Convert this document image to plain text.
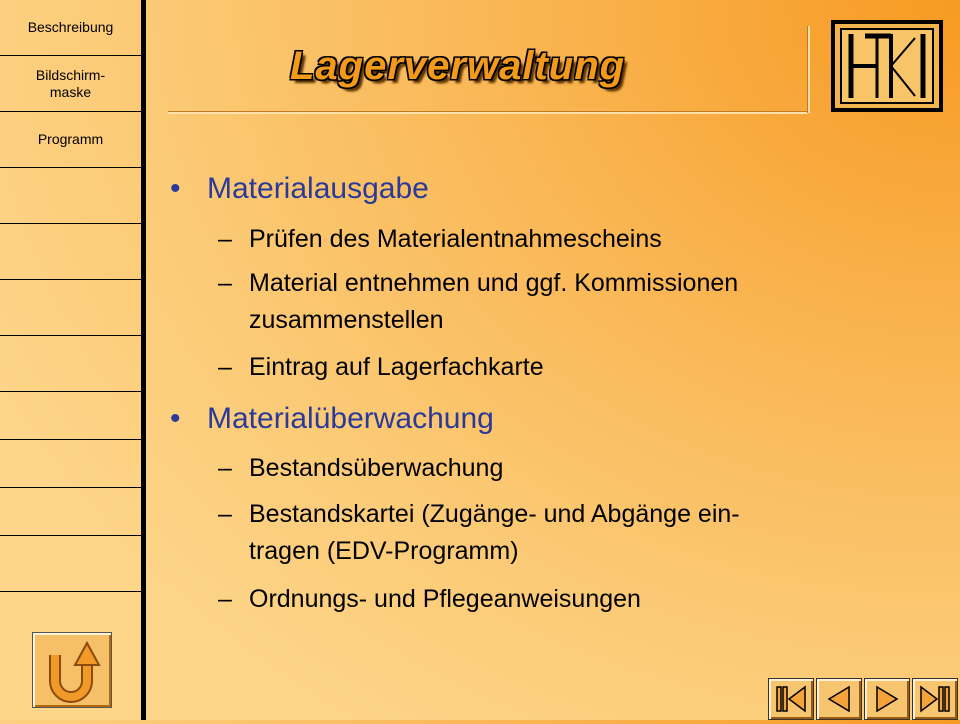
Beschreibung
Bildschirm-
maske
Programm
Lagerverwaltung
• Materialausgabe
– Prüfen des Materialentnahmescheins
– Material entnehmen und ggf. Kommissionen
zusammenstellen
– Eintrag auf Lagerfachkarte
• Materialüberwachung
– Bestandsüberwachung
– Bestandskartei (Zugänge- und Abgänge ein-
tragen (EDV-Programm)
– Ordnungs- und Pflegeanweisungen
